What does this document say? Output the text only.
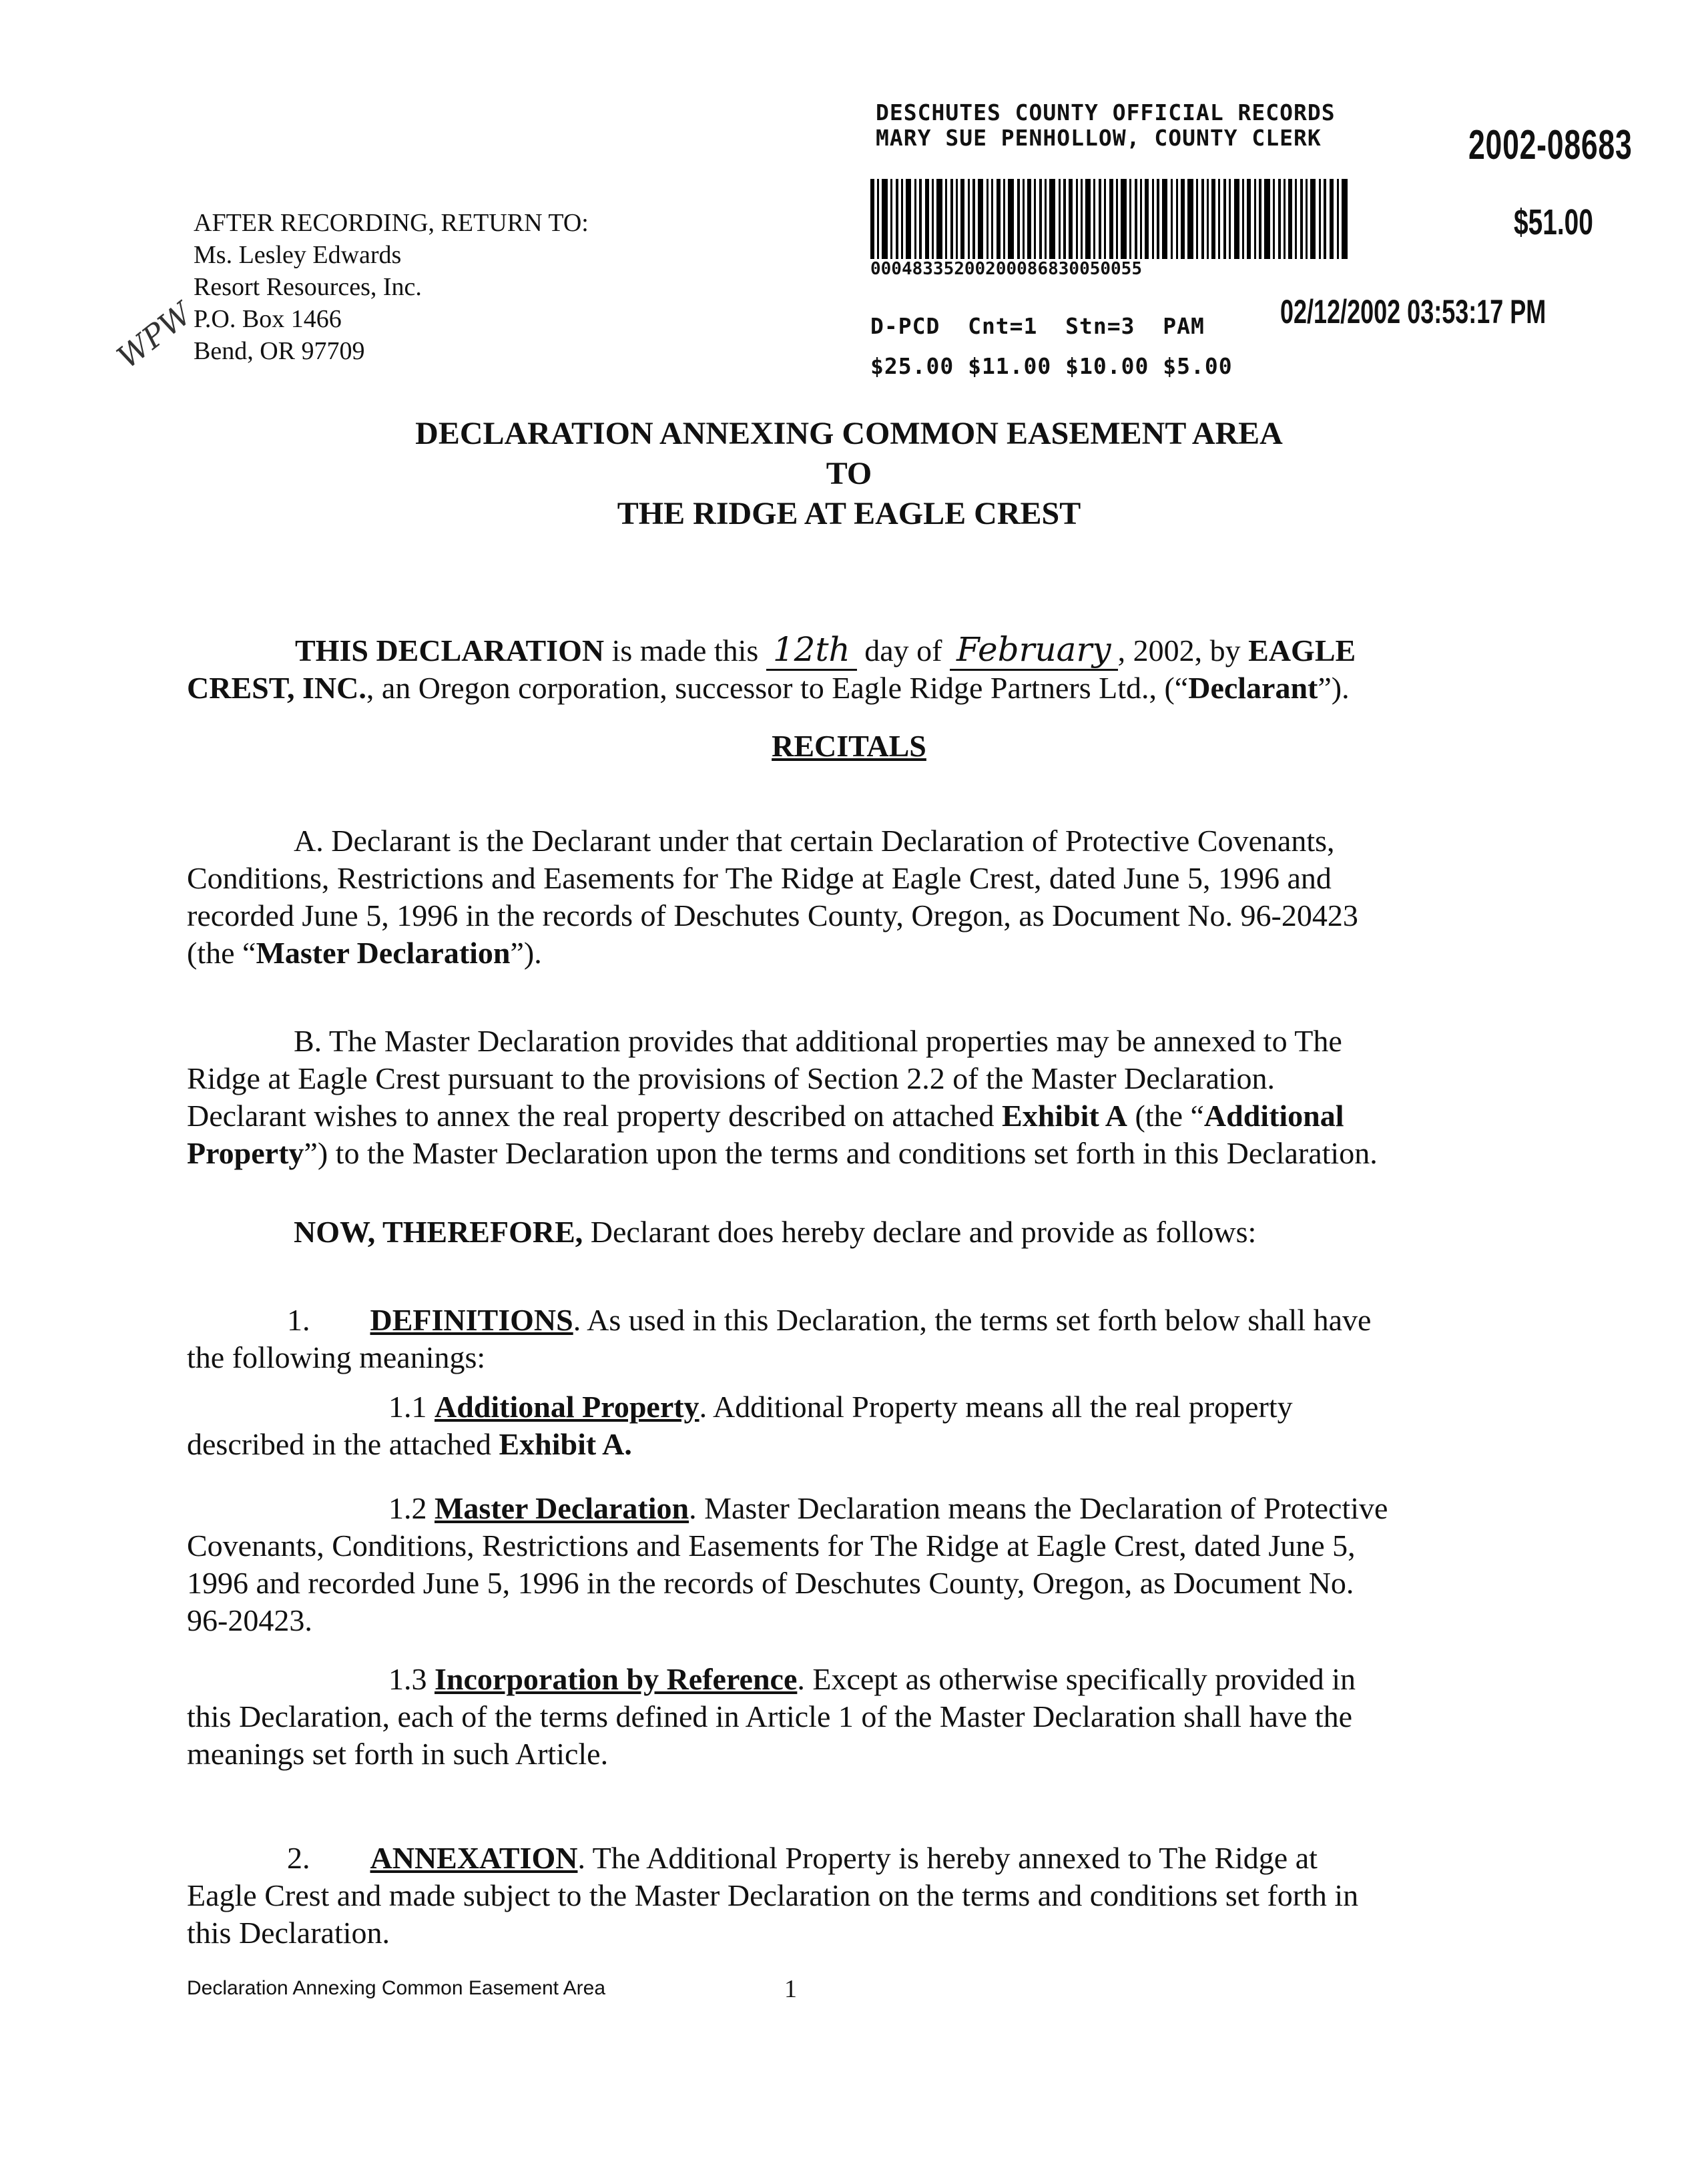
DESCHUTES COUNTY OFFICIAL RECORDS
MARY SUE PENHOLLOW, COUNTY CLERK	2002-08683
00048335200200086830050055
$51.00
02/12/2002 03:53:17 PM
D-PCD  Cnt=1  Stn=3  PAM
$25.00 $11.00 $10.00 $5.00
AFTER RECORDING, RETURN TO:
Ms. Lesley Edwards
Resort Resources, Inc.
P.O. Box 1466
Bend, OR 97709
WPW
DECLARATION ANNEXING COMMON EASEMENT AREA
TO
THE RIDGE AT EAGLE CREST
THIS DECLARATION is made this 12th day of February , 2002, by EAGLE
CREST, INC., an Oregon corporation, successor to Eagle Ridge Partners Ltd., (“Declarant”).
RECITALS
A. Declarant is the Declarant under that certain Declaration of Protective Covenants,
Conditions, Restrictions and Easements for The Ridge at Eagle Crest, dated June 5, 1996 and
recorded June 5, 1996 in the records of Deschutes County, Oregon, as Document No. 96-20423
(the “Master Declaration”).
B. The Master Declaration provides that additional properties may be annexed to The
Ridge at Eagle Crest pursuant to the provisions of Section 2.2 of the Master Declaration.
Declarant wishes to annex the real property described on attached Exhibit A (the “Additional
Property”) to the Master Declaration upon the terms and conditions set forth in this Declaration.
NOW, THEREFORE, Declarant does hereby declare and provide as follows:
1. DEFINITIONS. As used in this Declaration, the terms set forth below shall have
the following meanings:
1.1 Additional Property. Additional Property means all the real property
described in the attached Exhibit A.
1.2 Master Declaration. Master Declaration means the Declaration of Protective
Covenants, Conditions, Restrictions and Easements for The Ridge at Eagle Crest, dated June 5,
1996 and recorded June 5, 1996 in the records of Deschutes County, Oregon, as Document No.
96-20423.
1.3 Incorporation by Reference. Except as otherwise specifically provided in
this Declaration, each of the terms defined in Article 1 of the Master Declaration shall have the
meanings set forth in such Article.
2. ANNEXATION. The Additional Property is hereby annexed to The Ridge at
Eagle Crest and made subject to the Master Declaration on the terms and conditions set forth in
this Declaration.
Declaration Annexing Common Easement Area	1
